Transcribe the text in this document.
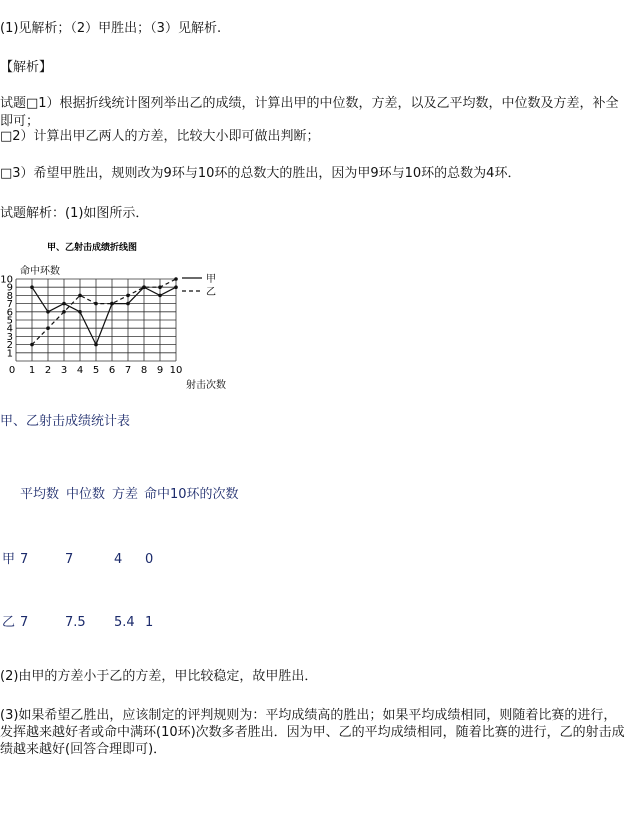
(1)见解析；（2）甲胜出；（3）见解析.
【解析】
试题□1）根据折线统计图列举出乙的成绩，计算出甲的中位数，方差，以及乙平均数，中位数及方差，补全即可；
□2）计算出甲乙两人的方差，比较大小即可做出判断；
□3）希望甲胜出，规则改为9环与10环的总数大的胜出，因为甲9环与10环的总数为4环．
试题解析：(1)如图所示．
甲、乙射击成绩折线图
命中环数
射击次数
0 1 2 3 4 5 6 7 8 9 10
1
2
3
4
5
6
7
8
9
10	甲
乙
甲、乙射击成绩统计表
平均数 中位数 方差 命中10环的次数
甲 7	7	4 0
乙 7	7.5 5.4 1
(2)由甲的方差小于乙的方差，甲比较稳定，故甲胜出．
(3)如果希望乙胜出，应该制定的评判规则为：平均成绩高的胜出；如果平均成绩相同，则随着比赛的进行，发挥越来越好者或命中满环(10环)次数多者胜出．因为甲、乙的平均成绩相同，随着比赛的进行，乙的射击成绩越来越好(回答合理即可)．
